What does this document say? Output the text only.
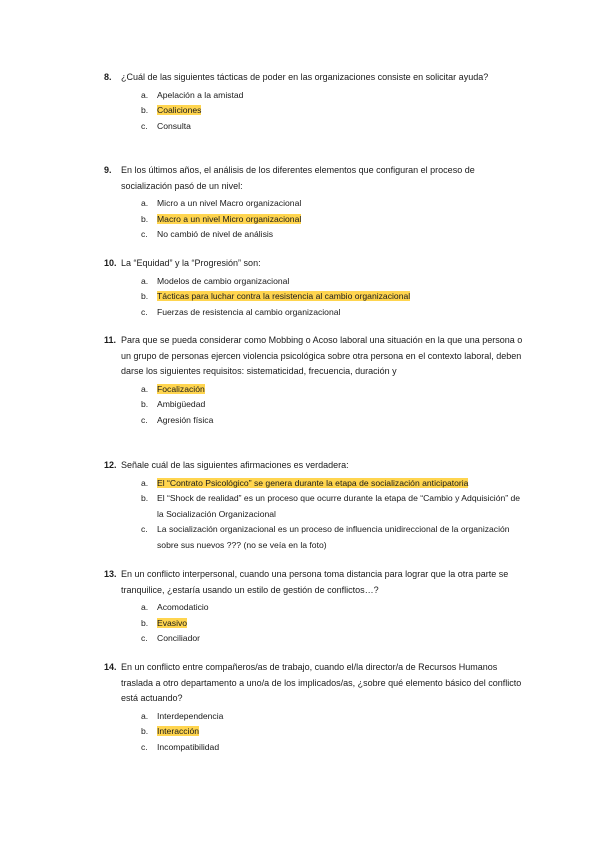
8.	¿Cuál de las siguientes tácticas de poder en las organizaciones consiste en solicitar ayuda?
a. Apelación a la amistad
b. Coaliciones
c. Consulta
9.	En los últimos años, el análisis de los diferentes elementos que configuran el proceso de socialización pasó de un nivel:
a. Micro a un nivel Macro organizacional
b. Macro a un nivel Micro organizacional
c. No cambió de nivel de análisis
10. La “Equidad” y la “Progresión” son:
a. Modelos de cambio organizacional
b. Tácticas para luchar contra la resistencia al cambio organizacional
c. Fuerzas de resistencia al cambio organizacional
11. Para que se pueda considerar como Mobbing o Acoso laboral una situación en la que una persona o un grupo de personas ejercen violencia psicológica sobre otra persona en el contexto laboral, deben darse los siguientes requisitos: sistematicidad, frecuencia, duración y
a. Focalización
b. Ambigüedad
c. Agresión física
12. Señale cuál de las siguientes afirmaciones es verdadera:
a. El “Contrato Psicológico” se genera durante la etapa de socialización anticipatoria
b. El “Shock de realidad” es un proceso que ocurre durante la etapa de “Cambio y Adquisición” de la Socialización Organizacional
c. La socialización organizacional es un proceso de influencia unidireccional de la organización sobre sus nuevos ??? (no se veía en la foto)
13. En un conflicto interpersonal, cuando una persona toma distancia para lograr que la otra parte se tranquilice, ¿estaría usando un estilo de gestión de conflictos…?
a. Acomodaticio
b. Evasivo
c. Conciliador
14. En un conflicto entre compañeros/as de trabajo, cuando el/la director/a de Recursos Humanos traslada a otro departamento a uno/a de los implicados/as, ¿sobre qué elemento básico del conflicto está actuando?
a. Interdependencia
b. Interacción
c. Incompatibilidad
